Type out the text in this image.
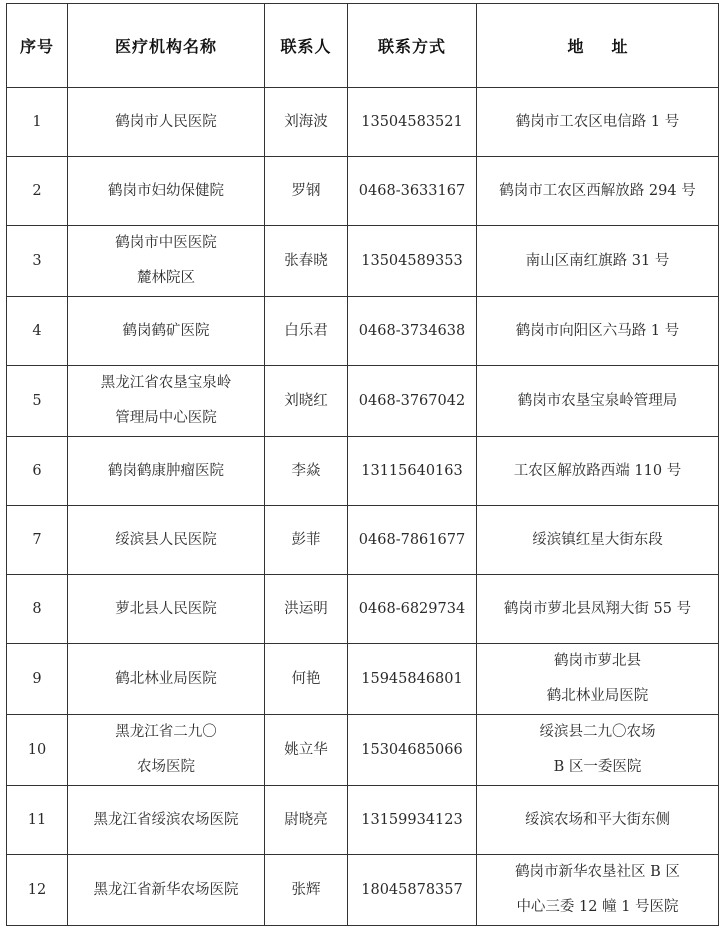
序号	医疗机构名称	联系人	联系方式	地址

1	鹤岗市人民医院	刘海波	13504583521	鹤岗市工农区电信路 1 号

2	鹤岗市妇幼保健院	罗钢	0468-3633167	鹤岗市工农区西解放路 294 号

3	鹤岗市中医医院
麓林院区	张春晓	13504589353	南山区南红旗路 31 号

4	鹤岗鹤矿医院	白乐君	0468-3734638	鹤岗市向阳区六马路 1 号

5	黑龙江省农垦宝泉岭
管理局中心医院	刘晓红	0468-3767042	鹤岗市农垦宝泉岭管理局

6	鹤岗鹤康肿瘤医院	李焱	13115640163	工农区解放路西端 110 号

7	绥滨县人民医院	彭菲	0468-7861677	绥滨镇红星大街东段

8	萝北县人民医院	洪运明	0468-6829734	鹤岗市萝北县凤翔大街 55 号

9	鹤北林业局医院	何艳	15945846801	鹤岗市萝北县
鹤北林业局医院

10	黑龙江省二九〇
农场医院	姚立华	15304685066	绥滨县二九〇农场
B 区一委医院

11	黑龙江省绥滨农场医院	尉晓亮	13159934123	绥滨农场和平大街东侧

12	黑龙江省新华农场医院	张辉	18045878357	鹤岗市新华农垦社区 B 区
中心三委 12 幢 1 号医院
